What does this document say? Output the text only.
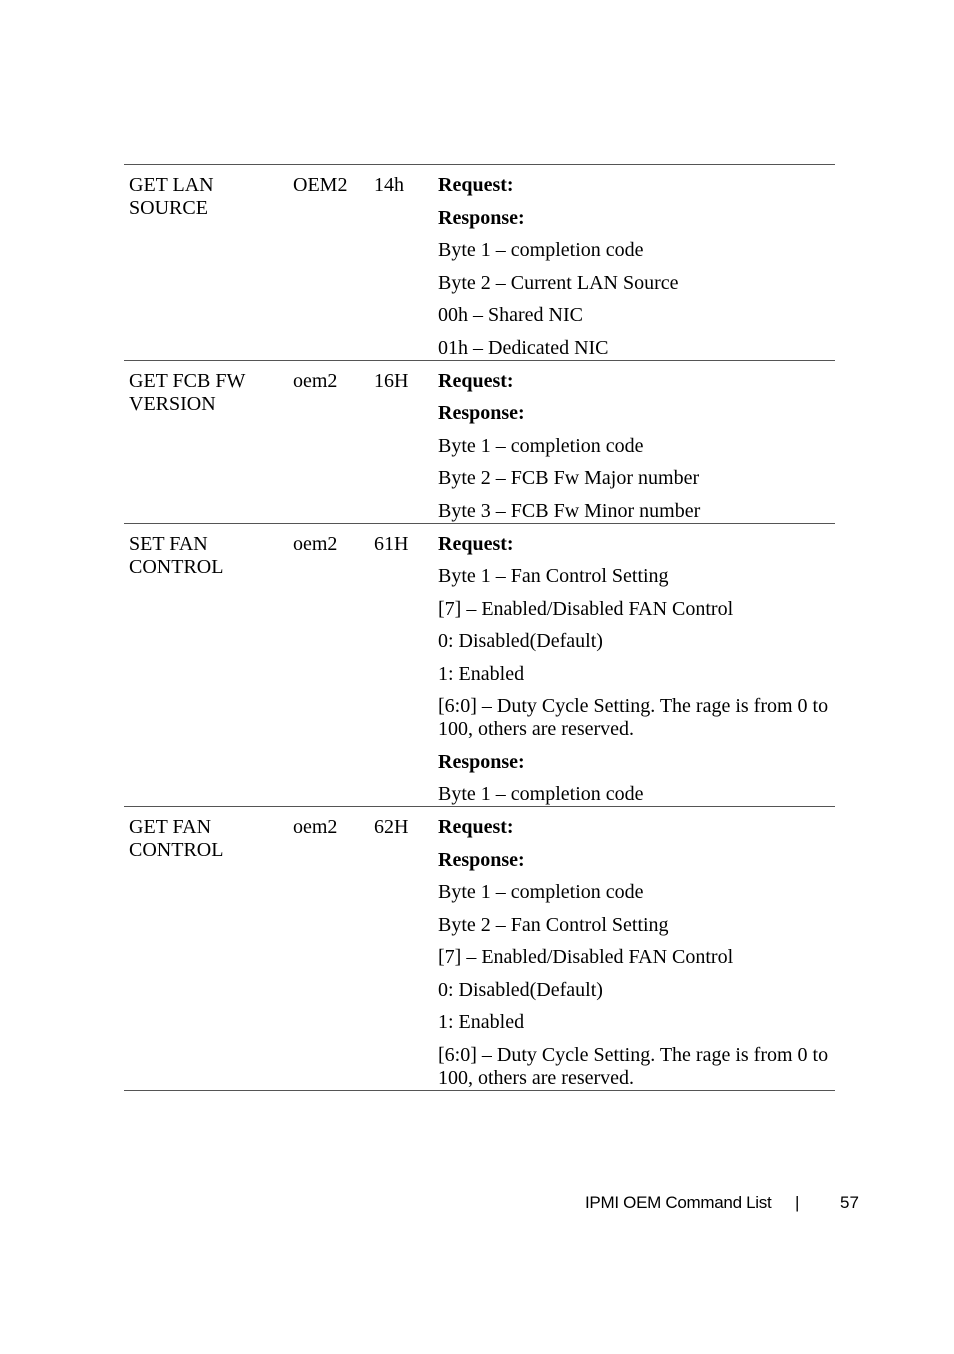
GET LAN SOURCE
OEM2 14h Request:
Response:
Byte 1 – completion code
Byte 2 – Current LAN Source
00h – Shared NIC
01h – Dedicated NIC
GET FCB FW VERSION
oem2 16H Request:
Response:
Byte 1 – completion code
Byte 2 – FCB Fw Major number
Byte 3 – FCB Fw Minor number
SET FAN CONTROL
oem2 61H Request:
Byte 1 – Fan Control Setting
[7] – Enabled/Disabled FAN Control
0: Disabled(Default)
1: Enabled
[6:0] – Duty Cycle Setting. The rage is from 0 to 100, others are reserved.
Response:
Byte 1 – completion code
GET FAN CONTROL
oem2 62H Request:
Response:
Byte 1 – completion code
Byte 2 – Fan Control Setting
[7] – Enabled/Disabled FAN Control
0: Disabled(Default)
1: Enabled
[6:0] – Duty Cycle Setting. The rage is from 0 to 100, others are reserved.
IPMI OEM Command List | 57
